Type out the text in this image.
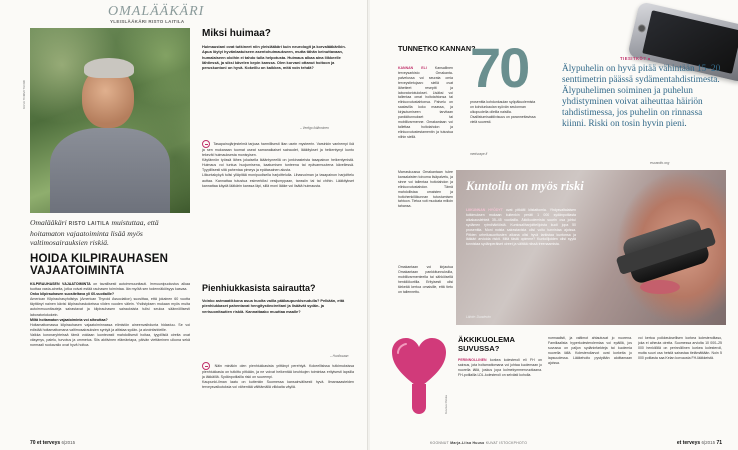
OMALÄÄKÄRI
YLEISLÄÄKÄRI RISTO LAITILA
KUVA TOMMI TUOMI
Omalääkäri RISTO LAITILA muistuttaa, että hoitamaton vajaatoiminta lisää myös valtimosairauksien riskiä.
HOIDA KILPIRAUHASEN VAJAATOIMINTA
KILPIRAUHASEN VAJAATOIMINTA on tavallisesti autoimmuunitauti. Immuunipuolustus alkaa tuottaa vasta-aineita, jotka voivat estää rauhasen toimintaa. Iän myötä sen todennäköisyys kasvaa.
Onko kilpirauhasen suositeltava yli 60-vuotiaille?
American Kilpirauhasyhdistys (American Thyroid Association) suosittaa, että jokainen 60 vuotta täyttänyt nainen kävisi kilpirauhaskokeissa viiden vuoden välein. Yhdistyksen mukaan myös muita autoimmuunitauteja sairastavat ja kilpirauhasen sairauksista tulisi seuloa säännöllisesti laboratoriokokein.
Miltä hoitamaton vajaatoiminta voi aiheuttaa?
Hoitamattomassa kilpirauhasen vajaatoiminnassa elimistön aineenvaihdunta hidastuu. Se voi edistää hoitamattomana valtimosairauksien syntyä ja altistaa sydän- ja aivoinfarkteille.
Vaikka koronaryhteissä tämä voidaan luontevasti mahdollisesti hoitaa, tyypillisiä oireita ovat väsymys, palelu, turvotus ja ummetus. Siis aktiivinen elämäntapa, päivän viettäminen ulkona sekä normaali ruokavalio ovat hyvä hoitoa.
Miksi huimaa?
Huimaustani ovat tutkineet niin yleislääkäri kuin neurologit ja korvalääkärikin. Apua löytyi hyvänlaatuiseen asentohuimaukseen, mutta tähän keinuttavaan, humalaiseen oloihin ei tahdo tulla helpotusta. Huimaus alkaa aina liikkeelle lähtiessä, ja siksi kävelen kepin kanssa. Olen korvani ottanut hoitoon ja peruskuntoni on hyvä. Kokeillu on kaikkea, mitä voin tehdä?
– Vertigo ikäihminen
Tasapainojärjestelmä tarjoaa harmillisesti liian usein mysteerin. Varsinkin vanhempi ikä ja sen mukanaan tuomat useat samanaikaiset sairaudet, lääkitykset ja heikentynyt kunto tekevät huimauksesta monisyisen.
Käytännön työssä lähes jokaisella ikääntyneellä on jonkinasteista tasapainon heikentymistä. Huimaus voi tuntua huojumisena, kaatumisen tunteena tai epävarmuutena kävellessä. Tyypillisesti sitä pahentaa pimeys ja epätasainen alusta.
Liikuntakykyä tulisi ylläpitää monipuolisella harjoittelulla. Lihasvoiman ja tasapainon harjoittelu auttaa. Kannattaa tutustua esimerkiksi vesijumppaan, tanssiin tai tai chihin. Lääkitykset kannattaa käydä lääkärin kanssa läpi, sillä moni lääke voi lisätä huimausta.
Pienhiukkasista sairautta?
Voinko astmaatikkona asua huolta vailla pääkaupunkiseudulla? Pelkään, että pienhiukkaset pahentavat hengitystieoireitani ja lisäävät sydän- ja verisuonitautien riskiä. Kannattaako muuttaa maalle?
– Huolissaan
Näin minäkin olen pienhiukkasista yrittänyt perehtyä. Kokeellisissa tutkimuksissa pienhiukkasia on tutkittu pitkään, ja ne voivat heikentää keuhkojen toimintaa erityisesti lapsilla ja iäkkäillä. Sydänpotilailla riski on suurempi.
Kaupunki-ilman laatu on kuitenkin Suomessa kansainvälisesti hyvä. Ilmansaasteiden terveysvaikutuksia voi vähentää välttämällä vilkkaita väyliä.
70 et terveys 6|2015
TUNNETKO KANNAN?
KANNAN ELI Kansallinen terveysarkisto Omakanta-palvelussa voi seurata omia terveystietojaan: siellä ovat lähetteet reseptit ja laboratoriotulokset. Lisäksi voi tallentaa omat hoitotahtonsa tai elinluovutustahtonsa. Palvelu on saatavilla koko maassa, ja kirjautumiseen tarvitaan pankkitunnukset tai mobiilivarmenne. Omakantaan voi tallettaa hoitotahdon ja elinluovutustestamentin ja tutustua niihin siellä.
70
prosenttia kohdunkaulan syöpäkuolemista on kohdunkaulan syövän seulonnan ulkopuolella olleilla naisilla. Osallistumisaktiivisuus on parannettavissa vielä suuresti.
medscape.fi
TIESITKÖ?
Älypuhelin on hyvä pitää vähintään 15–20 senttimetrin päässä sydämentahdistimesta. Älypuhelimen soiminen ja puhelun yhdistyminen voivat aiheuttaa häiriön tahdistimessa, jos puhelin on rinnassa kiinni. Riski on tosin hyvin pieni.
escardio.org
Marraskuussa Omakantaan tulee kansalaisten toivoma lisäpalvelu, ja sinne voi tallentaa hoitotahdon ja elinluovutustahdon. Tämä mahdollistaa omaisten ja hoitohenkilökunnan tutustumisen tahtoon. Tietoa voit muokata milloin tahansa.
Kuntoilu on myös riski
LIIKUNNAN HYÖDYT ovat pitkälti kiistattomia. Yhdysvaltalaisen tutkimuksen mukaan kuitenkin peräti 1 000 sydänpotilasta aikakauslehteä 35–45 vuotiailla. Äkkikuolemista suurin osa johtui sydämen rytmihäiriöistä. Kuntosaliharjoittelijoista kuoli jopa 50 prosenttia. Moni noista sairastavista olisi voitu tunnistaa ajoissa. Pitkien urheilusuoritusten aikana olisi hyvä tarkistaa kuntonsa ja lääkäri arvioida riskit. Mitä tästä opimme? Kuntoilijoiden olisi syytä tunnistaa sydänperäiset oireet ja välttää niissä treenaamista.
Lähde: Duodecim
Omakantaan voi kirjautua Omakantaan pankkitunnuksilla, mobiilivarmenteella tai sähköisellä henkilökortilla. Erityisesti olisi tärkeää kertoa omaisille, että tieto on tallennettu.
Kuvitus Pekka
ÄKKIKUOLEMA SUVUSSA?
PERINNÖLLINEN korkea kolesteroli eli FH on sairaus, jota hoitamattomana voi johtaa kuolemaan jo nuorella iällä, joskus jopa kolmekymmenvuotiaana. FH-potilailla LDL-kolesteroli on selvästi koholla.
normaalisti, ja valtimot ahtautuvat jo nuorena. Familiaalista hyperkolesterolemiaa voi epäillä, jos suvussa on paljon sydäninfarkteja tai kuolemia nuorella iällä. Kolesteroliarvot ovat korkeita jo lapsuudessa. Lääkehoito pystytään aloittamaan ajoissa.
voi kertoa poikkeuksellisen korkea kolesterolitaso, joka ei aiheuta oireita. Suomessa arviolta 10 000–25 000 henkilöllä on perinnöllinen korkea kolesteroli, mutta suuri osa heistä sairastaa tietämättään. Noin 5 000 potilasta saa Kelan korvausta FH-lääkkeistä.
KOONNUT Marja-Liisa Huuso KUVAT ISTOCKPHOTO	et terveys 6|2015 71
